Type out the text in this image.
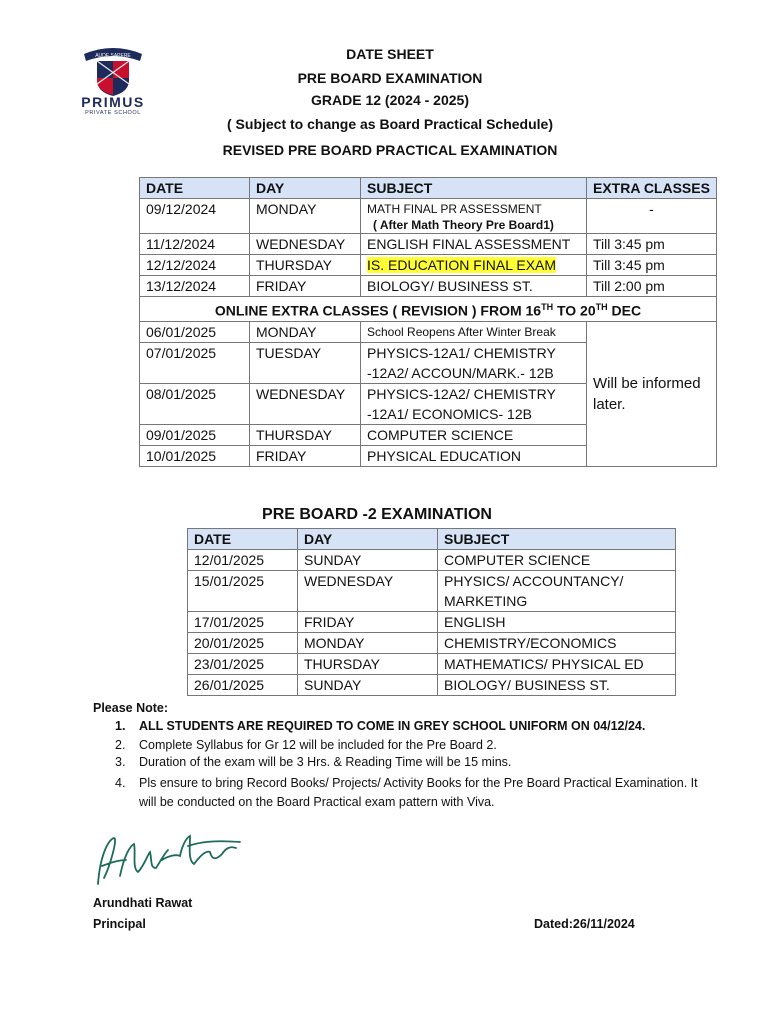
AUDE SAPERE
PRIMUS
PRIVATE SCHOOL
DATE SHEET
PRE BOARD EXAMINATION
GRADE 12 (2024 - 2025)
( Subject to change as Board Practical Schedule)
REVISED PRE BOARD PRACTICAL EXAMINATION
DATE	DAY	SUBJECT	EXTRA CLASSES
09/12/2024	MONDAY	MATH FINAL PR ASSESSMENT
( After Math Theory Pre Board1)	-
11/12/2024	WEDNESDAY	ENGLISH FINAL ASSESSMENT	Till 3:45 pm
12/12/2024	THURSDAY	IS. EDUCATION FINAL EXAM	Till 3:45 pm
13/12/2024	FRIDAY	BIOLOGY/ BUSINESS ST.	Till 2:00 pm
ONLINE EXTRA CLASSES ( REVISION ) FROM 16TH TO 20TH DEC			
06/01/2025	MONDAY	School Reopens After Winter Break	Will be informed later.
07/01/2025	TUESDAY	PHYSICS-12A1/ CHEMISTRY -12A2/ ACCOUN/MARK.- 12B	
08/01/2025	WEDNESDAY	PHYSICS-12A2/ CHEMISTRY -12A1/ ECONOMICS- 12B	
09/01/2025	THURSDAY	COMPUTER SCIENCE	
10/01/2025	FRIDAY	PHYSICAL EDUCATION	
PRE BOARD -2 EXAMINATION
DATE	DAY	SUBJECT
12/01/2025	SUNDAY	COMPUTER SCIENCE
15/01/2025	WEDNESDAY	PHYSICS/ ACCOUNTANCY/ MARKETING
17/01/2025	FRIDAY	ENGLISH
20/01/2025	MONDAY	CHEMISTRY/ECONOMICS
23/01/2025	THURSDAY	MATHEMATICS/ PHYSICAL ED
26/01/2025	SUNDAY	BIOLOGY/ BUSINESS ST.
Please Note:
1.	ALL STUDENTS ARE REQUIRED TO COME IN GREY SCHOOL UNIFORM ON 04/12/24.
2.	Complete Syllabus for Gr 12 will be included for the Pre Board 2.
3.	Duration of the exam will be 3 Hrs. & Reading Time will be 15 mins.
4.	Pls ensure to bring Record Books/ Projects/ Activity Books for the Pre Board Practical Examination. It will be conducted on the Board Practical exam pattern with Viva.
Arundhati Rawat
Principal	Dated:26/11/2024
